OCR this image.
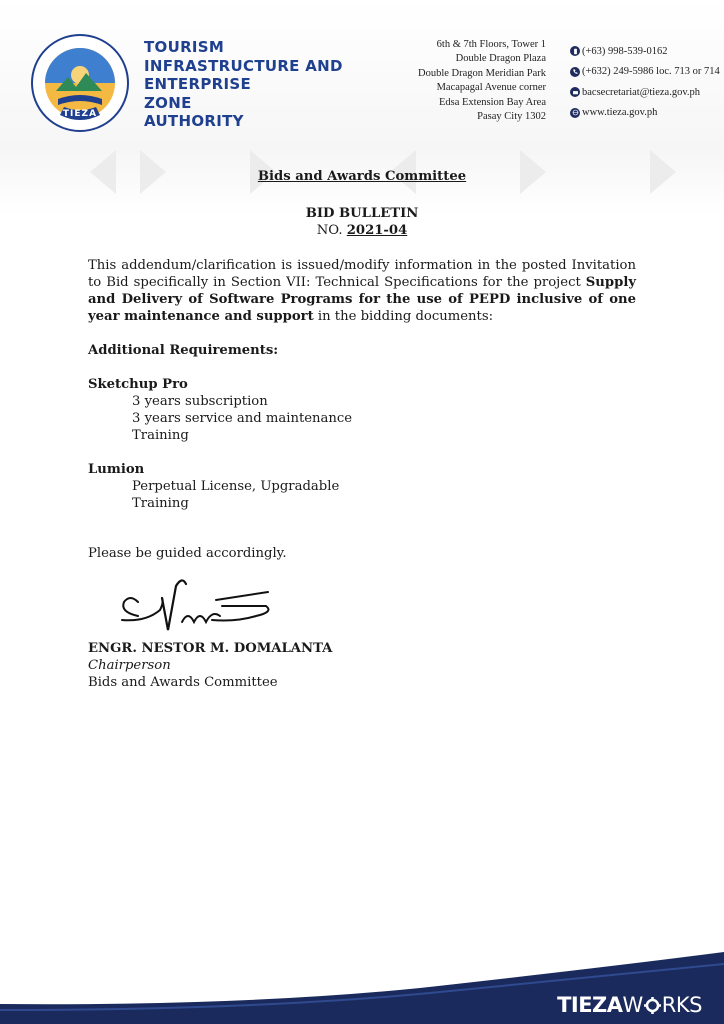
TIEZA
TOURISM
INFRASTRUCTURE AND
ENTERPRISE
ZONE
AUTHORITY
6th & 7th Floors, Tower 1
Double Dragon Plaza
Double Dragon Meridian Park
Macapagal Avenue corner
Edsa Extension Bay Area
Pasay City 1302
(+63) 998-539-0162
(+632) 249-5986 loc. 713 or 714
bacsecretariat@tieza.gov.ph
www.tieza.gov.ph

Bids and Awards Committee

BID BULLETIN

NO. 2021-04

This addendum/clarification is issued/modify information in the posted Invitation to Bid specifically in Section VII: Technical Specifications for the project Supply and Delivery of Software Programs for the use of PEPD inclusive of one year maintenance and support in the bidding documents:

Additional Requirements:

Sketchup Pro

3 years subscription

3 years service and maintenance

Training

Lumion

Perpetual License, Upgradable

Training

Please be guided accordingly.

ENGR. NESTOR M. DOMALANTA

Chairperson

Bids and Awards Committee

TIEZAW RKS
